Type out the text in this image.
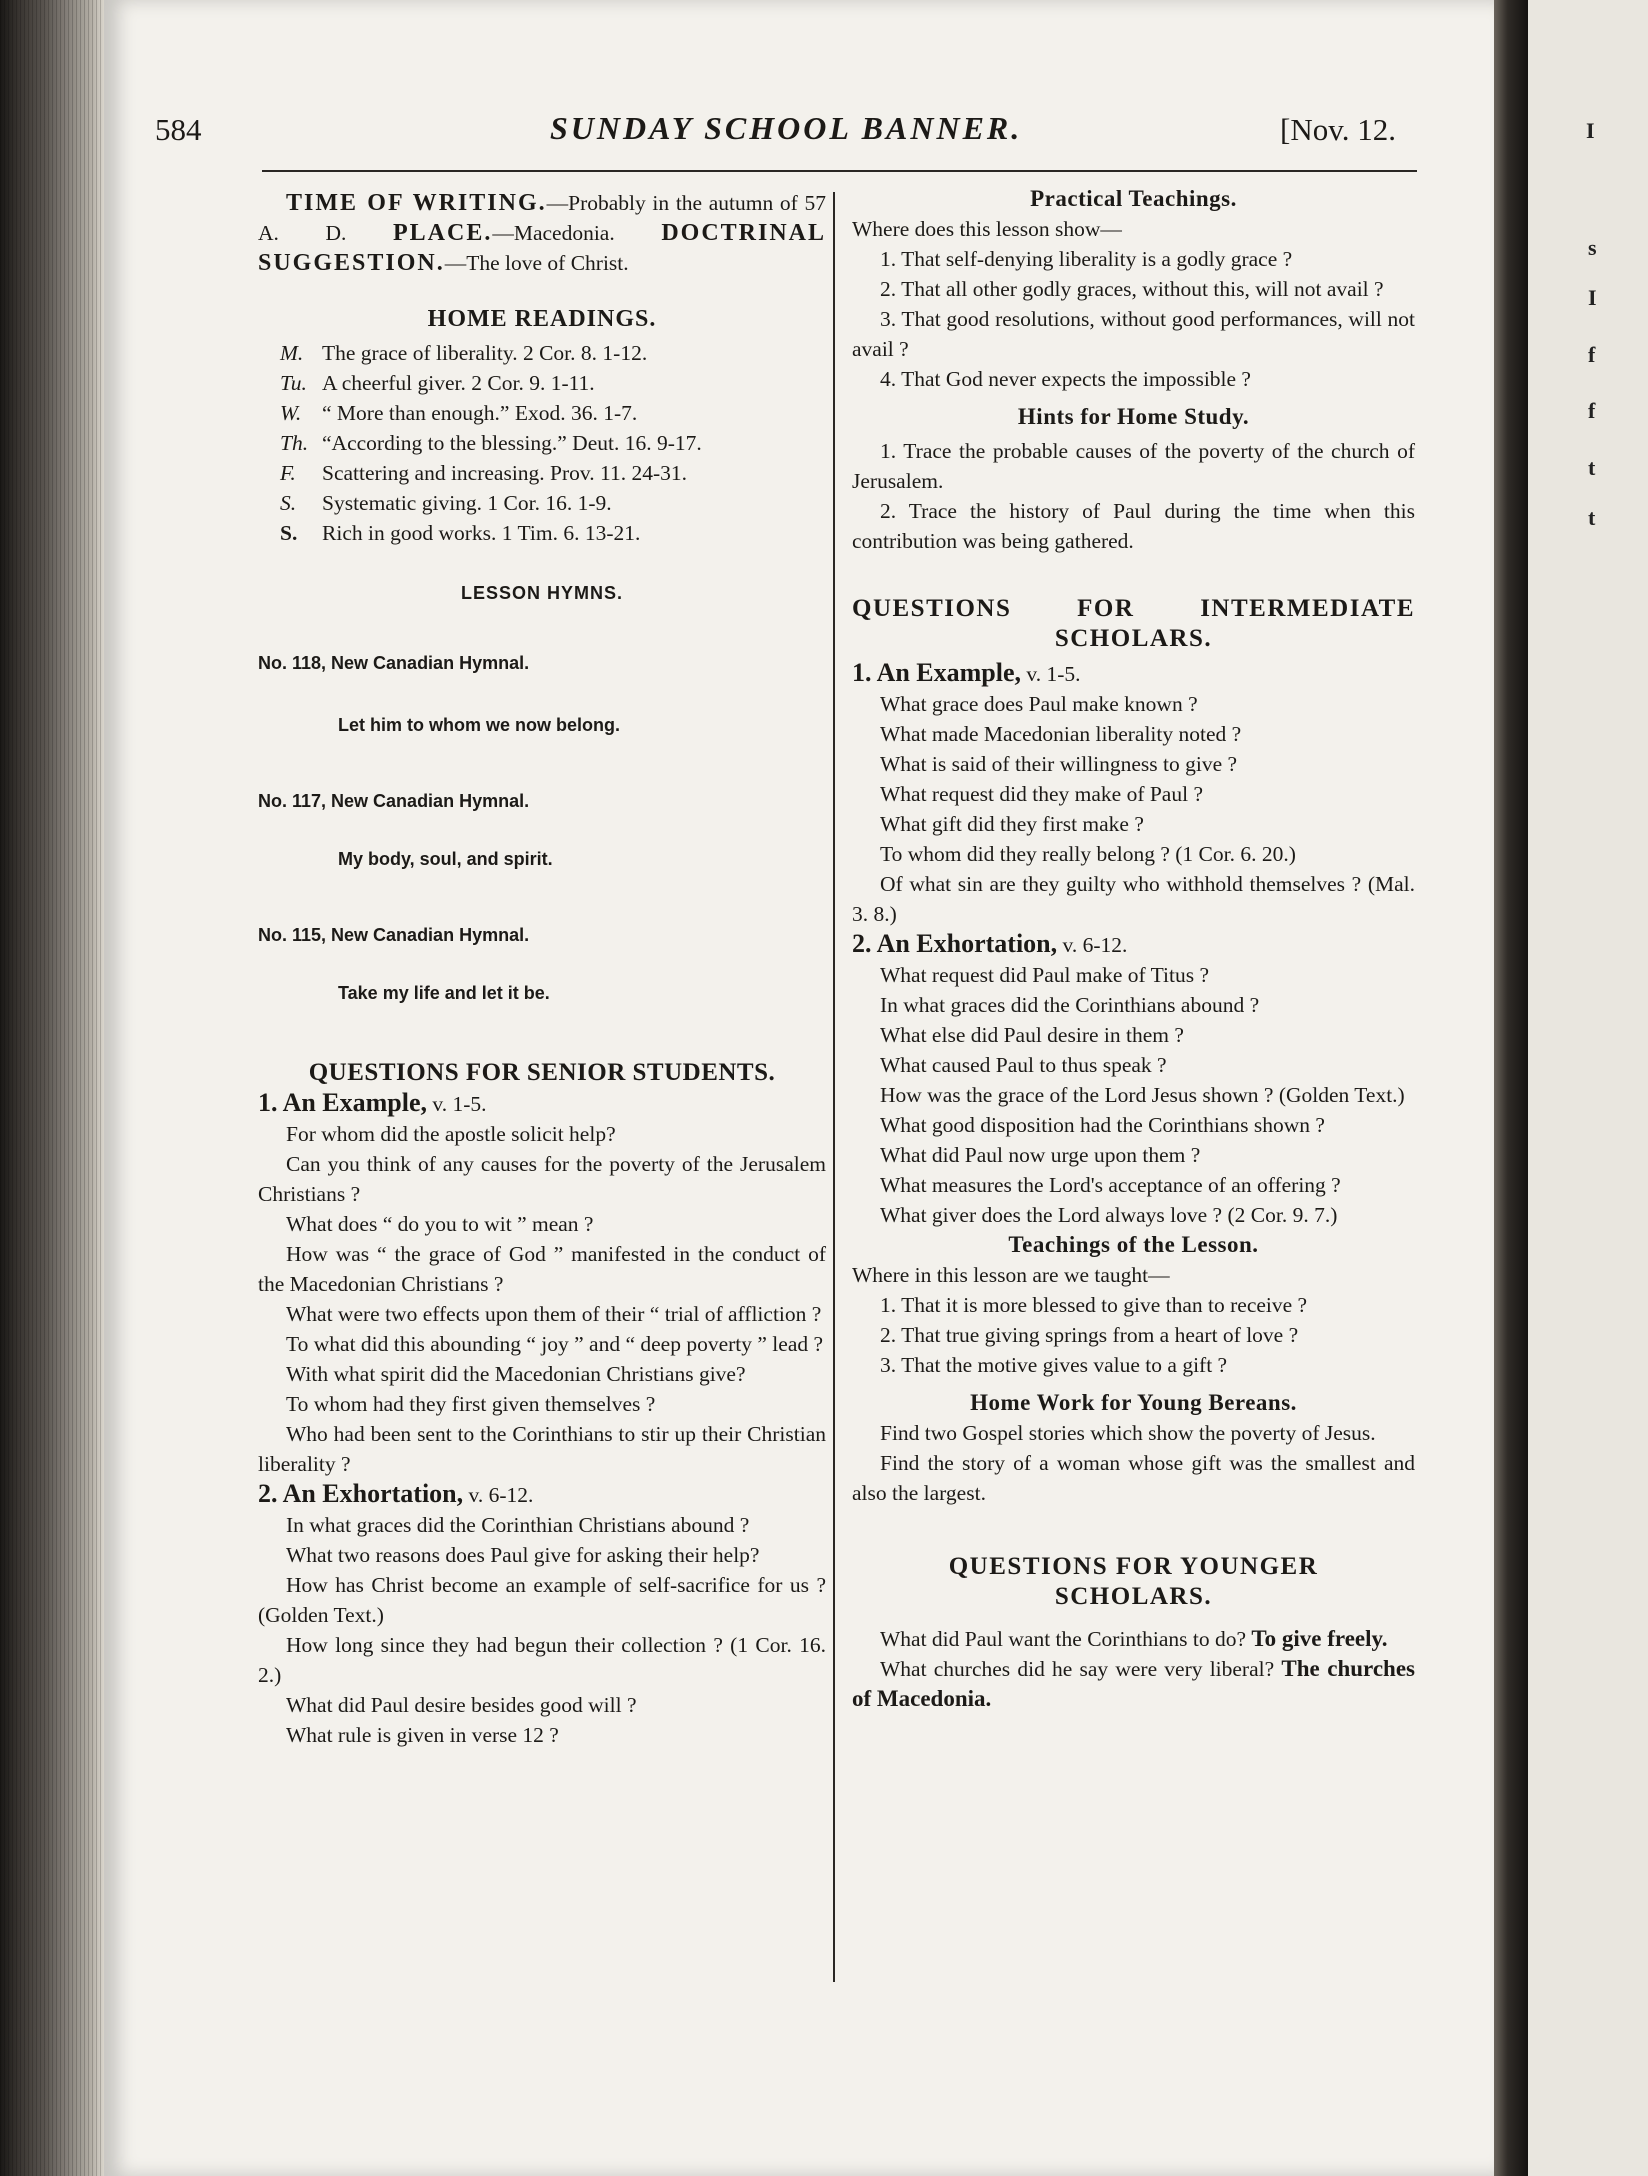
I
s
I
f
f
t
t
584	SUNDAY SCHOOL BANNER.	[Nov. 12.

TIME OF WRITING.—Probably in the autumn of 57 A. D. PLACE.—Macedonia. DOCTRINAL SUGGESTION.—The love of Christ.

HOME READINGS.

M. The grace of liberality. 2 Cor. 8. 1-12.
Tu. A cheerful giver. 2 Cor. 9. 1-11.
W. “ More than enough.” Exod. 36. 1-7.
Th. “According to the blessing.” Deut. 16. 9-17.
F.	Scattering and increasing. Prov. 11. 24-31.
S.	Systematic giving. 1 Cor. 16. 1-9.
S.	Rich in good works. 1 Tim. 6. 13-21.

LESSON HYMNS.

No. 118, New Canadian Hymnal.

Let him to whom we now belong.

No. 117, New Canadian Hymnal.

My body, soul, and spirit.

No. 115, New Canadian Hymnal.

Take my life and let it be.

QUESTIONS FOR SENIOR STUDENTS.

1. An Example, v. 1-5.

For whom did the apostle solicit help?

Can you think of any causes for the poverty of the Jerusalem Christians ?

What does “ do you to wit ” mean ?

How was “ the grace of God ” manifested in the conduct of the Macedonian Christians ?

What were two effects upon them of their “ trial of affliction ?

To what did this abounding “ joy ” and “ deep poverty ” lead ?

With what spirit did the Macedonian Christians give?

To whom had they first given themselves ?

Who had been sent to the Corinthians to stir up their Christian liberality ?

2. An Exhortation, v. 6-12.

In what graces did the Corinthian Christians abound ?

What two reasons does Paul give for asking their help?

How has Christ become an example of self-sacrifice for us ? (Golden Text.)

How long since they had begun their collection ? (1 Cor. 16. 2.)

What did Paul desire besides good will ?

What rule is given in verse 12 ?

Practical Teachings.

Where does this lesson show—

1. That self-denying liberality is a godly grace ?

2. That all other godly graces, without this, will not avail ?

3. That good resolutions, without good performances, will not avail ?

4. That God never expects the impossible ?

Hints for Home Study.

1. Trace the probable causes of the poverty of the church of Jerusalem.

2. Trace the history of Paul during the time when this contribution was being gathered.

QUESTIONS FOR INTERMEDIATE

SCHOLARS.

1. An Example, v. 1-5.

What grace does Paul make known ?

What made Macedonian liberality noted ?

What is said of their willingness to give ?

What request did they make of Paul ?

What gift did they first make ?

To whom did they really belong ? (1 Cor. 6. 20.)

Of what sin are they guilty who withhold themselves ? (Mal. 3. 8.)

2. An Exhortation, v. 6-12.

What request did Paul make of Titus ?

In what graces did the Corinthians abound ?

What else did Paul desire in them ?

What caused Paul to thus speak ?

How was the grace of the Lord Jesus shown ? (Golden Text.)

What good disposition had the Corinthians shown ?

What did Paul now urge upon them ?

What measures the Lord's acceptance of an offering ?

What giver does the Lord always love ? (2 Cor. 9. 7.)

Teachings of the Lesson.

Where in this lesson are we taught—

1. That it is more blessed to give than to receive ?

2. That true giving springs from a heart of love ?

3. That the motive gives value to a gift ?

Home Work for Young Bereans.

Find two Gospel stories which show the poverty of Jesus.

Find the story of a woman whose gift was the smallest and also the largest.

QUESTIONS FOR YOUNGER

SCHOLARS.

What did Paul want the Corinthians to do? To give freely.

What churches did he say were very liberal? The churches of Macedonia.
